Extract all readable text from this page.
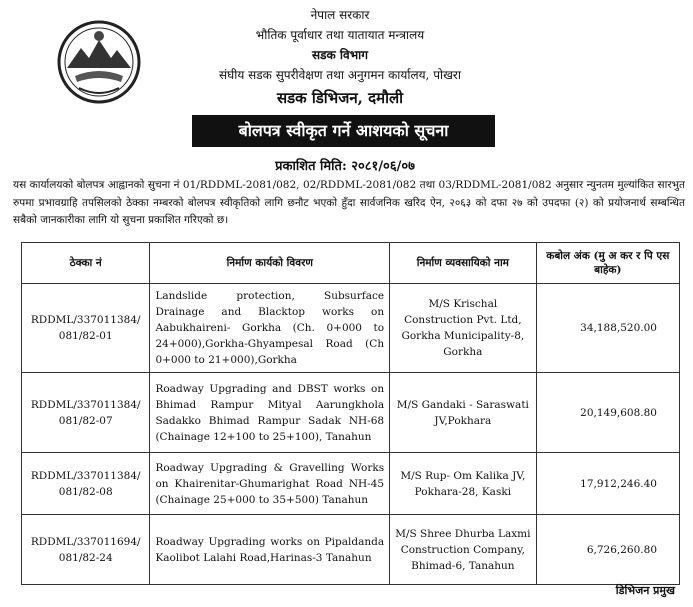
नेपाल सरकार
भौतिक पूर्वाधार तथा यातायात मन्त्रालय
सडक विभाग
संघीय सडक सुपरीवेक्षण तथा अनुगमन कार्यालय, पोखरा
सडक डिभिजन, दमौली
बोलपत्र स्वीकृत गर्ने आशयको सूचना
प्रकाशित मिति: २०८१/०६/०७
यस कार्यालयको बोलपत्र आह्वानको सुचना नं 01/RDDML-2081/082, 02/RDDML-2081/082 तथा 03/RDDML-2081/082 अनुसार न्युनतम मुल्यांकित सारभुत रुपमा प्रभावग्राहि तपसिलको ठेक्का नम्बरको बोलपत्र स्वीकृतिको लागि छनौट भएको हुँदा सार्वजनिक खरिद ऐन, २०६३ को दफा २७ को उपदफा (२) को प्रयोजनार्थ सम्बन्धित सबैको जानकारीका लागि यो सुचना प्रकाशित गरिएको छ।
ठेक्का नं	निर्माण कार्यको विवरण	निर्माण व्यवसायिको नाम	कबोल अंक (मु अ कर र पि एस बाहेक)
RDDML/337011384/ 081/82-01	Landslide protection, Subsurface Drainage and Blacktop works on Aabukhaireni- Gorkha (Ch. 0+000 to 24+000),Gorkha-Ghyampesal Road (Ch 0+000 to 21+000),Gorkha	M/S Krischal Construction Pvt. Ltd, Gorkha Municipality-8, Gorkha	34,188,520.00
RDDML/337011384/ 081/82-07	Roadway Upgrading and DBST works on Bhimad Rampur Mityal Aarungkhola Sadakko Bhimad Rampur Sadak NH-68 (Chainage 12+100 to 25+100), Tanahun	M/S Gandaki - Saraswati JV,Pokhara	20,149,608.80
RDDML/337011384/ 081/82-08	Roadway Upgrading & Gravelling Works on Khairenitar-Ghumarighat Road NH-45 (Chainage 25+000 to 35+500) Tanahun	M/S Rup- Om Kalika JV, Pokhara-28, Kaski	17,912,246.40
RDDML/337011694/ 081/82-24	Roadway Upgrading works on Pipaldanda Kaolibot Lalahi Road,Harinas-3 Tanahun	M/S Shree Dhurba Laxmi Construction Company, Bhimad-6, Tanahun	6,726,260.80
डिभिजन प्रमुख
